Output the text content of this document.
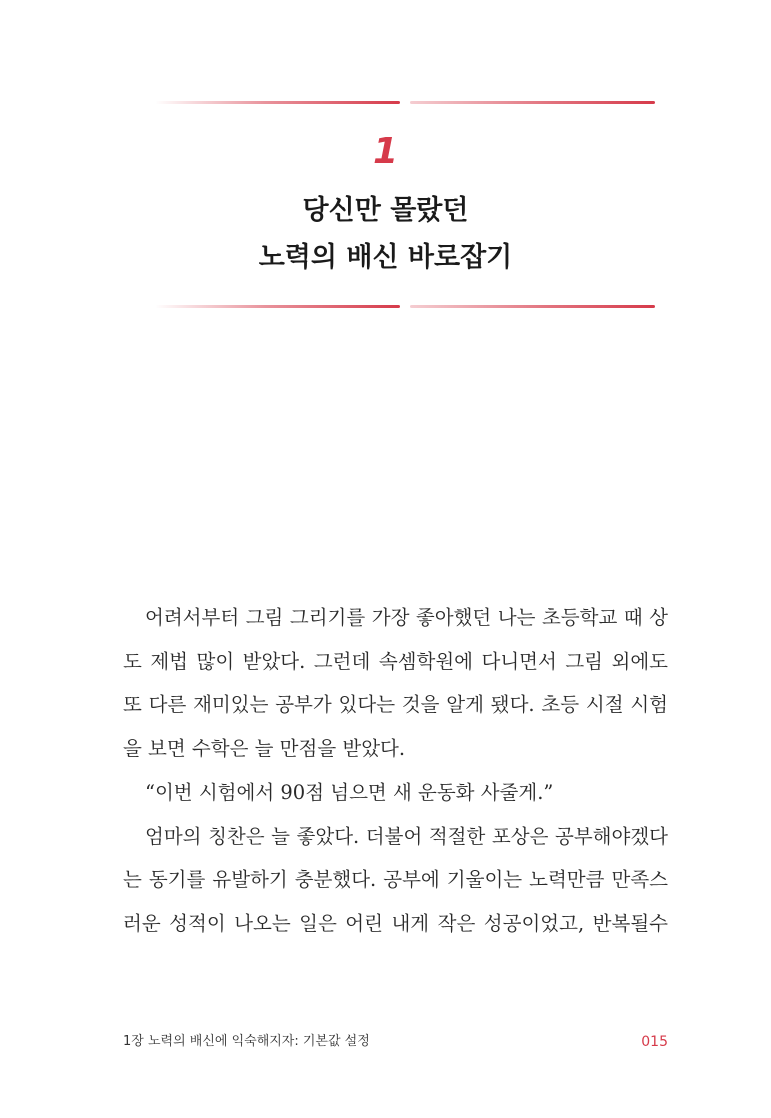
1
당신만 몰랐던
노력의 배신 바로잡기
어려서부터 그림 그리기를 가장 좋아했던 나는 초등학교 때 상
도 제법 많이 받았다. 그런데 속셈학원에 다니면서 그림 외에도
또 다른 재미있는 공부가 있다는 것을 알게 됐다. 초등 시절 시험
을 보면 수학은 늘 만점을 받았다.
“이번 시험에서 90점 넘으면 새 운동화 사줄게.”
엄마의 칭찬은 늘 좋았다. 더불어 적절한 포상은 공부해야겠다
는 동기를 유발하기 충분했다. 공부에 기울이는 노력만큼 만족스
러운 성적이 나오는 일은 어린 내게 작은 성공이었고, 반복될수
1장 노력의 배신에 익숙해지자: 기본값 설정	015
